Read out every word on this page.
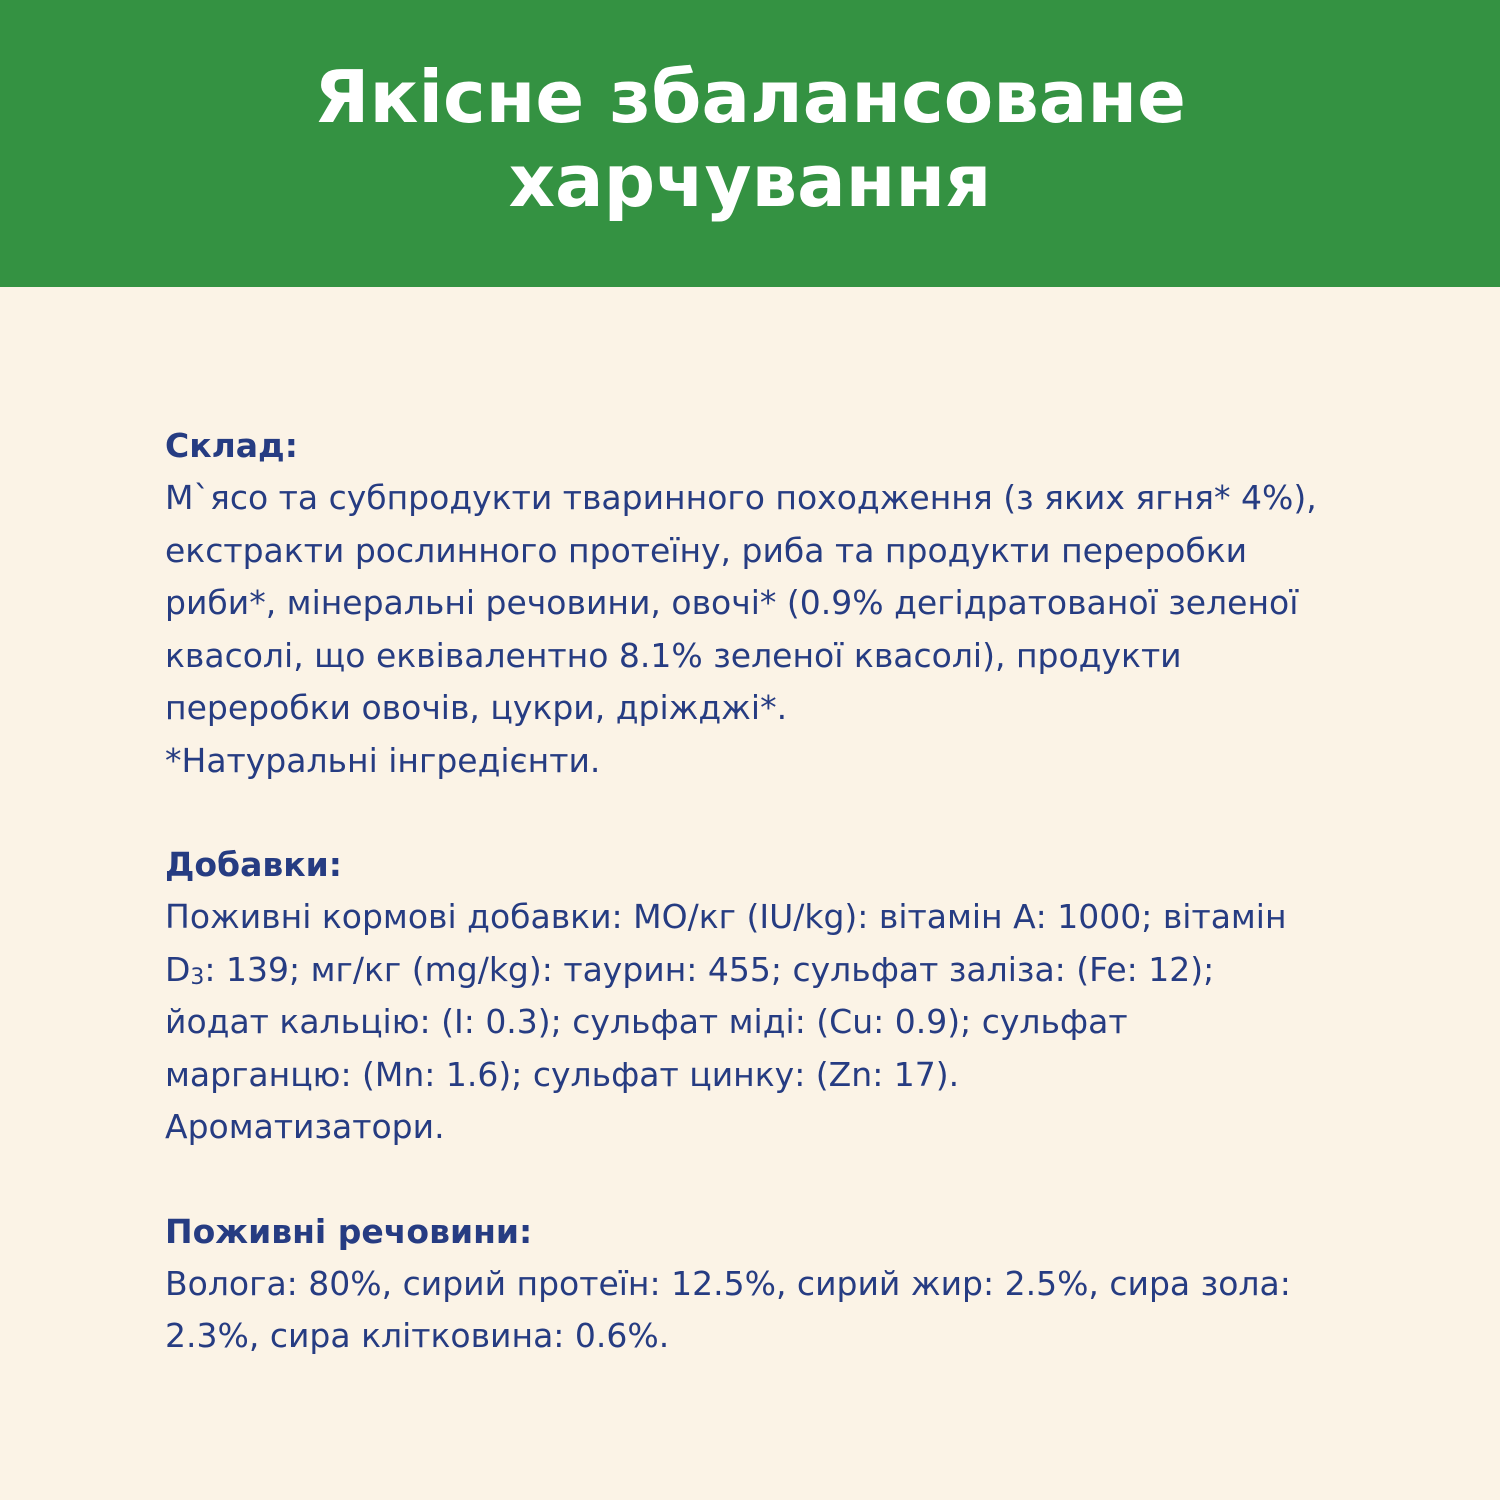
Якісне збалансоване
харчування
Склад:
М`ясо та субпродукти тваринного походження (з яких ягня* 4%),
екстракти рослинного протеїну, риба та продукти переробки
риби*, мінеральні речовини, овочі* (0.9% дегідратованої зеленої
квасолі, що еквівалентно 8.1% зеленої квасолі), продукти
переробки овочів, цукри, дріжджі*.
*Натуральні інгредієнти.
Добавки:
Поживні кормові добавки: МО/кг (IU/kg): вітамін А: 1000; вітамін
D3: 139; мг/кг (mg/kg): таурин: 455; сульфат заліза: (Fe: 12);
йодат кальцію: (I: 0.3); сульфат міді: (Cu: 0.9); сульфат
марганцю: (Mn: 1.6); сульфат цинку: (Zn: 17).
Ароматизатори.
Поживні речовини:
Волога: 80%, сирий протеїн: 12.5%, сирий жир: 2.5%, сира зола:
2.3%, сира клітковина: 0.6%.
